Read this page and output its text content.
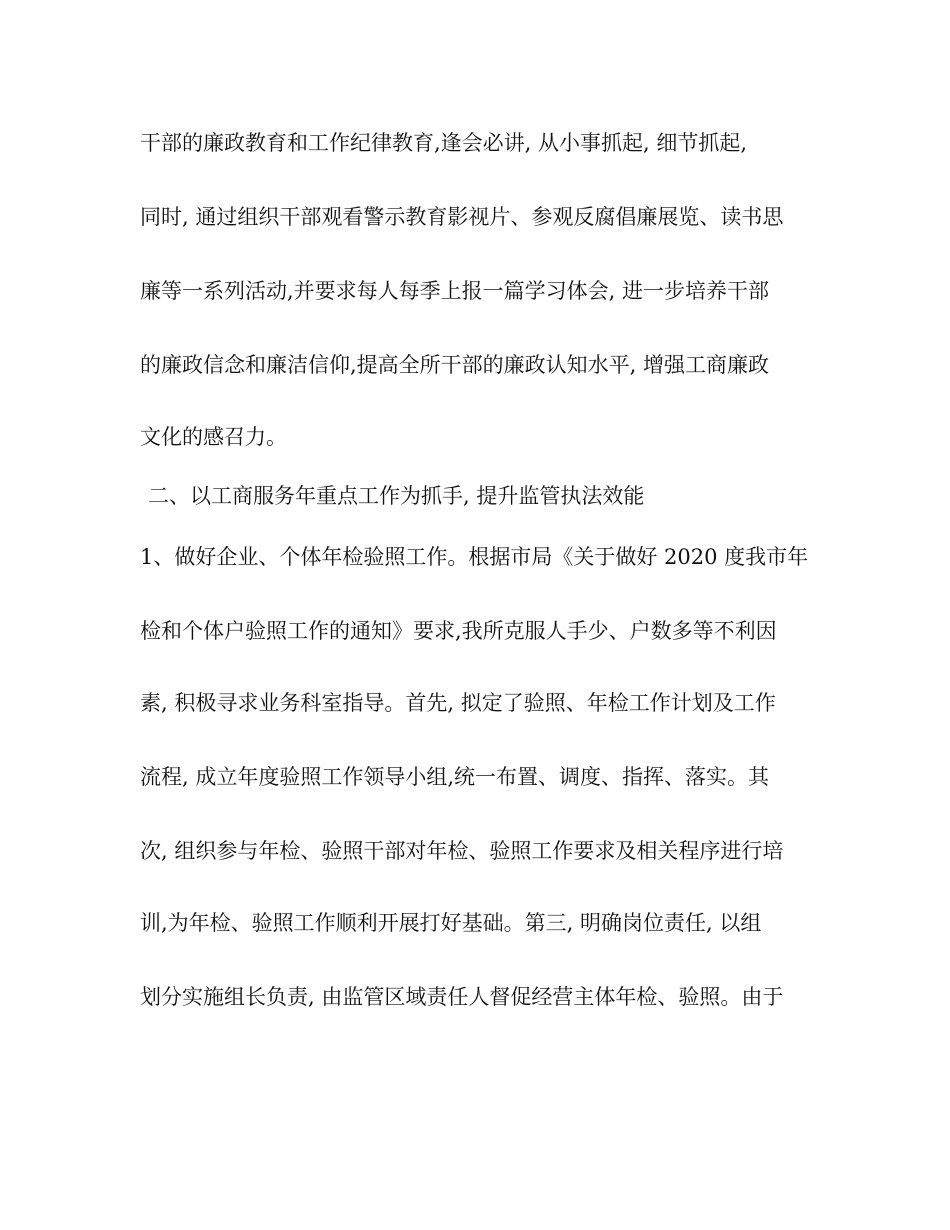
干部的廉政教育和工作纪律教育,逢会必讲, 从小事抓起, 细节抓起,
同时, 通过组织干部观看警示教育影视片、参观反腐倡廉展览、读书思
廉等一系列活动,并要求每人每季上报一篇学习体会, 进一步培养干部
的廉政信念和廉洁信仰,提高全所干部的廉政认知水平, 增强工商廉政
文化的感召力。
二、以工商服务年重点工作为抓手, 提升监管执法效能
1、做好企业、个体年检验照工作。根据市局《关于做好 2020 度我市年
检和个体户验照工作的通知》要求,我所克服人手少、户数多等不利因
素, 积极寻求业务科室指导。首先, 拟定了验照、年检工作计划及工作
流程, 成立年度验照工作领导小组,统一布置、调度、指挥、落实。其
次, 组织参与年检、验照干部对年检、验照工作要求及相关程序进行培
训,为年检、验照工作顺利开展打好基础。第三, 明确岗位责任, 以组
划分实施组长负责, 由监管区域责任人督促经营主体年检、验照。由于
